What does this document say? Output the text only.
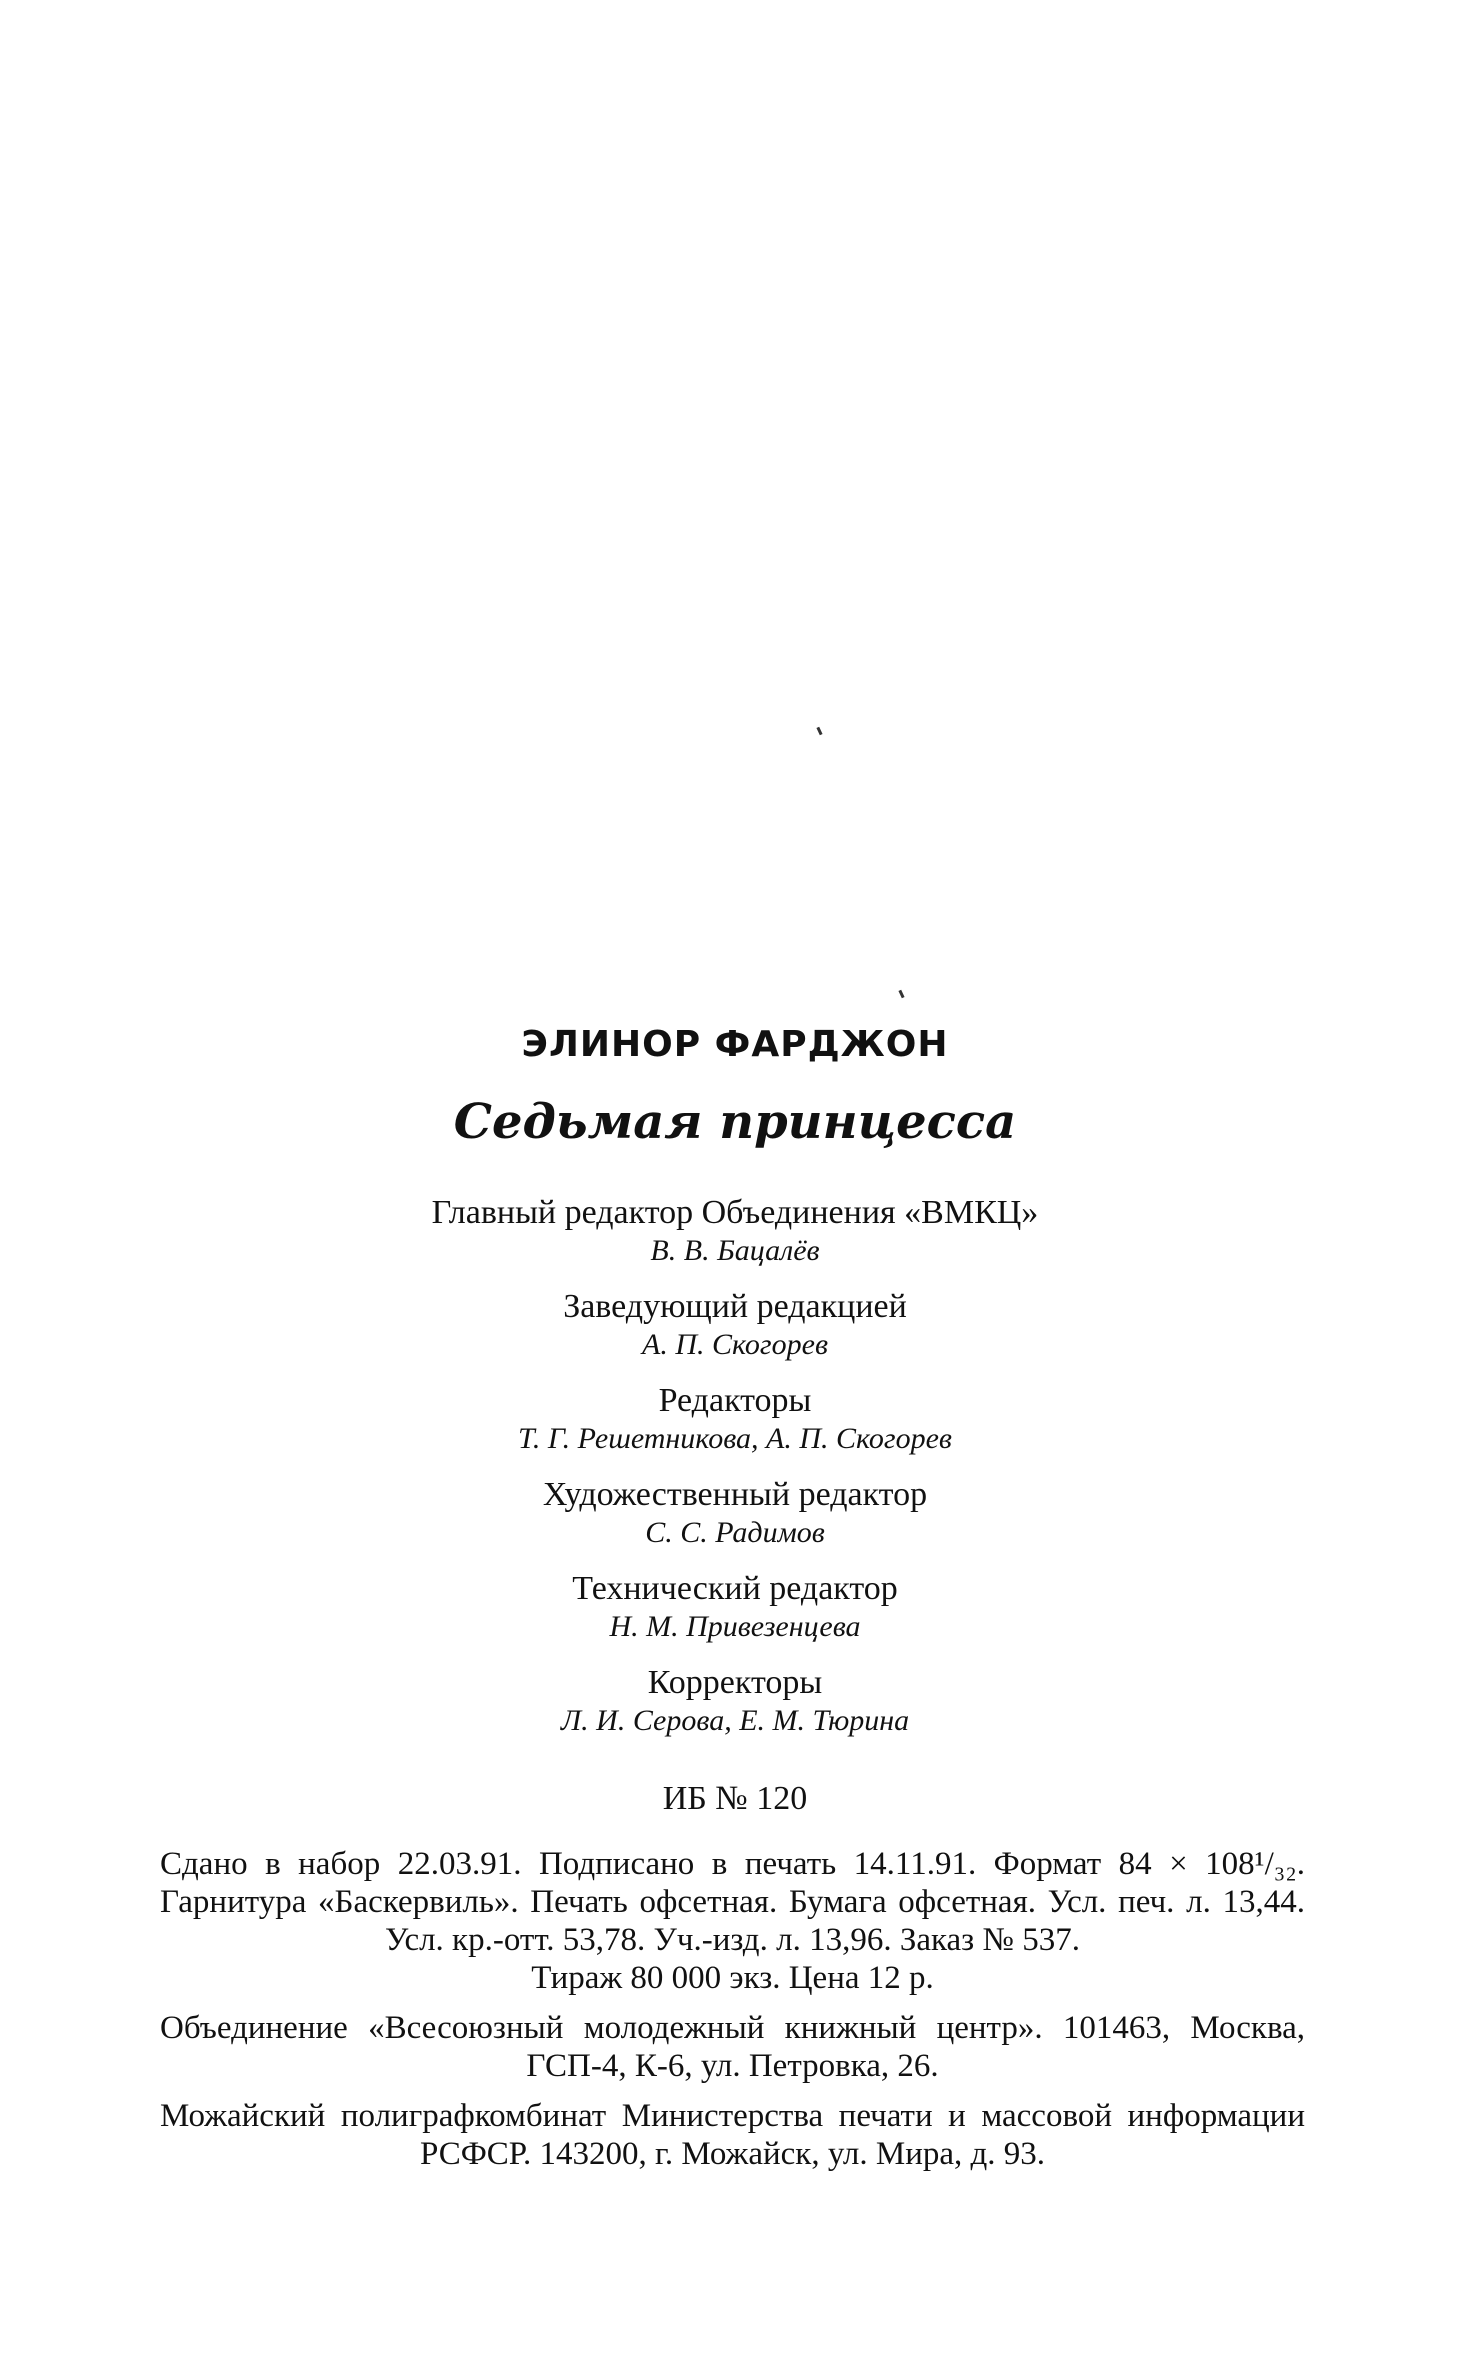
ЭЛИНОР ФАРДЖОН
Седьмая принцесса
Главный редактор Объединения «ВМКЦ»
В. В. Бацалёв
Заведующий редакцией
А. П. Скогорев
Редакторы
Т. Г. Решетникова, А. П. Скогорев
Художественный редактор
С. С. Радимов
Технический редактор
Н. М. Привезенцева
Корректоры
Л. И. Серова, Е. М. Тюрина
ИБ № 120

Сдано в набор 22.03.91. Подписано в печать 14.11.91. Формат 84 × 108¹/₃₂. Гарнитура «Баскервиль». Печать офсетная. Бумага офсетная. Усл. печ. л. 13,44. Усл. кр.-отт. 53,78. Уч.-изд. л. 13,96. Заказ № 537.

Тираж 80 000 экз. Цена 12 р.

Объединение «Всесоюзный молодежный книжный центр». 101463, Москва, ГСП-4, К-6, ул. Петровка, 26.

Можайский полиграфкомбинат Министерства печати и массовой информации РСФСР. 143200, г. Можайск, ул. Мира, д. 93.
